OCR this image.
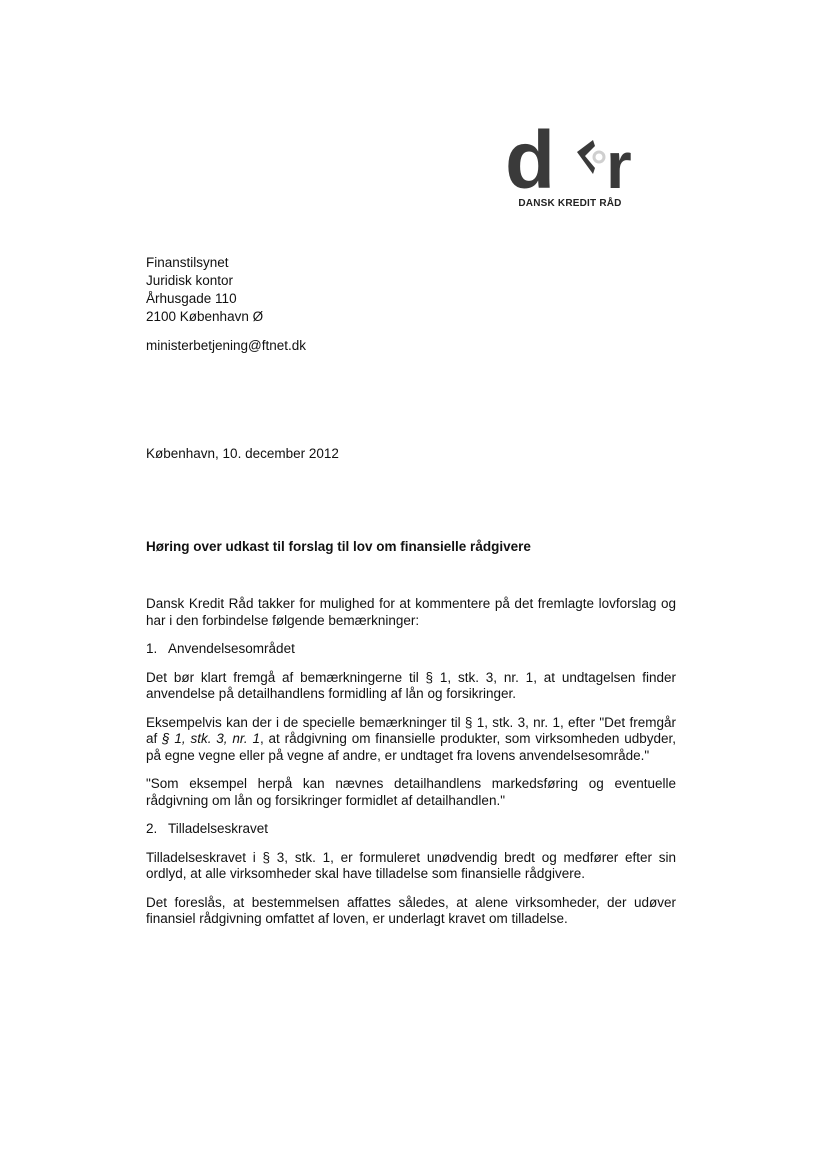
d r
DANSK KREDIT RÅD
Finanstilsynet
Juridisk kontor
Århusgade 110
2100 København Ø
ministerbetjening@ftnet.dk
København, 10. december 2012
Høring over udkast til forslag til lov om finansielle rådgivere

Dansk Kredit Råd takker for mulighed for at kommentere på det fremlagte lovforslag og har i den forbindelse følgende bemærkninger:

1. Anvendelsesområdet

Det bør klart fremgå af bemærkningerne til § 1, stk. 3, nr. 1, at undtagelsen finder anvendelse på detailhandlens formidling af lån og forsikringer.

Eksempelvis kan der i de specielle bemærkninger til § 1, stk. 3, nr. 1, efter "Det fremgår af § 1, stk. 3, nr. 1, at rådgivning om finansielle produkter, som virksomheden udbyder, på egne vegne eller på vegne af andre, er undtaget fra lovens anvendelsesområde."

"Som eksempel herpå kan nævnes detailhandlens markedsføring og eventuelle rådgivning om lån og forsikringer formidlet af detailhandlen."

2. Tilladelseskravet

Tilladelseskravet i § 3, stk. 1, er formuleret unødvendig bredt og medfører efter sin ordlyd, at alle virksomheder skal have tilladelse som finansielle rådgivere.

Det foreslås, at bestemmelsen affattes således, at alene virksomheder, der udøver finansiel rådgivning omfattet af loven, er underlagt kravet om tilladelse.
